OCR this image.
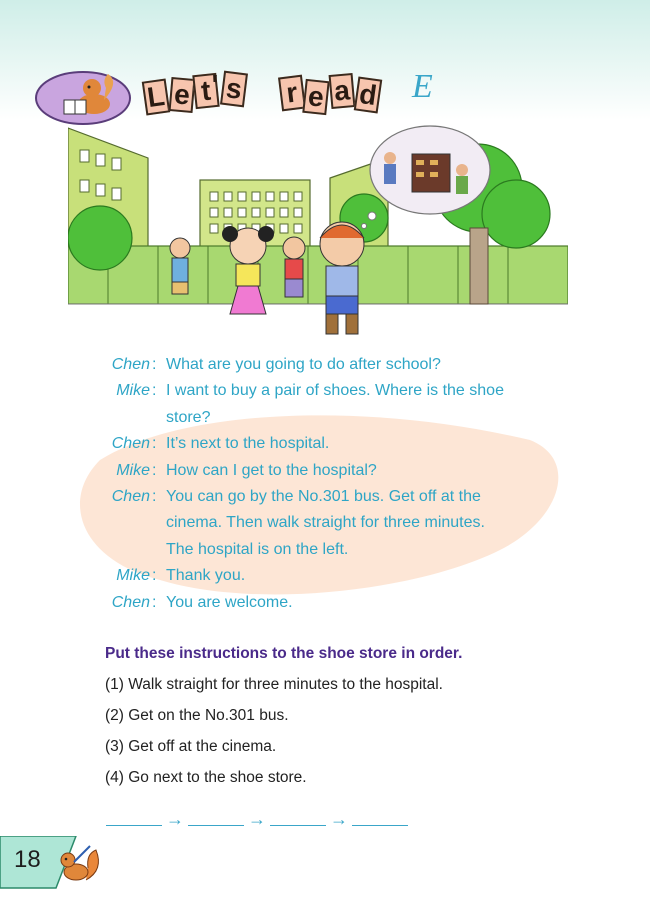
L e t ' s r e a d E
Chen : What are you going to do after school?
Mike : I want to buy a pair of shoes. Where is the shoe
store?
Chen : It’s next to the hospital.
Mike : How can I get to the hospital?
Chen : You can go by the No.301 bus. Get off at the
cinema. Then walk straight for three minutes.
The hospital is on the left.
Mike : Thank you.
Chen : You are welcome.
Put these instructions to the shoe store in order.
(1) Walk straight for three minutes to the hospital.
(2) Get on the No.301 bus.
(3) Get off at the cinema.
(4) Go next to the shoe store.
→	→	→
18
